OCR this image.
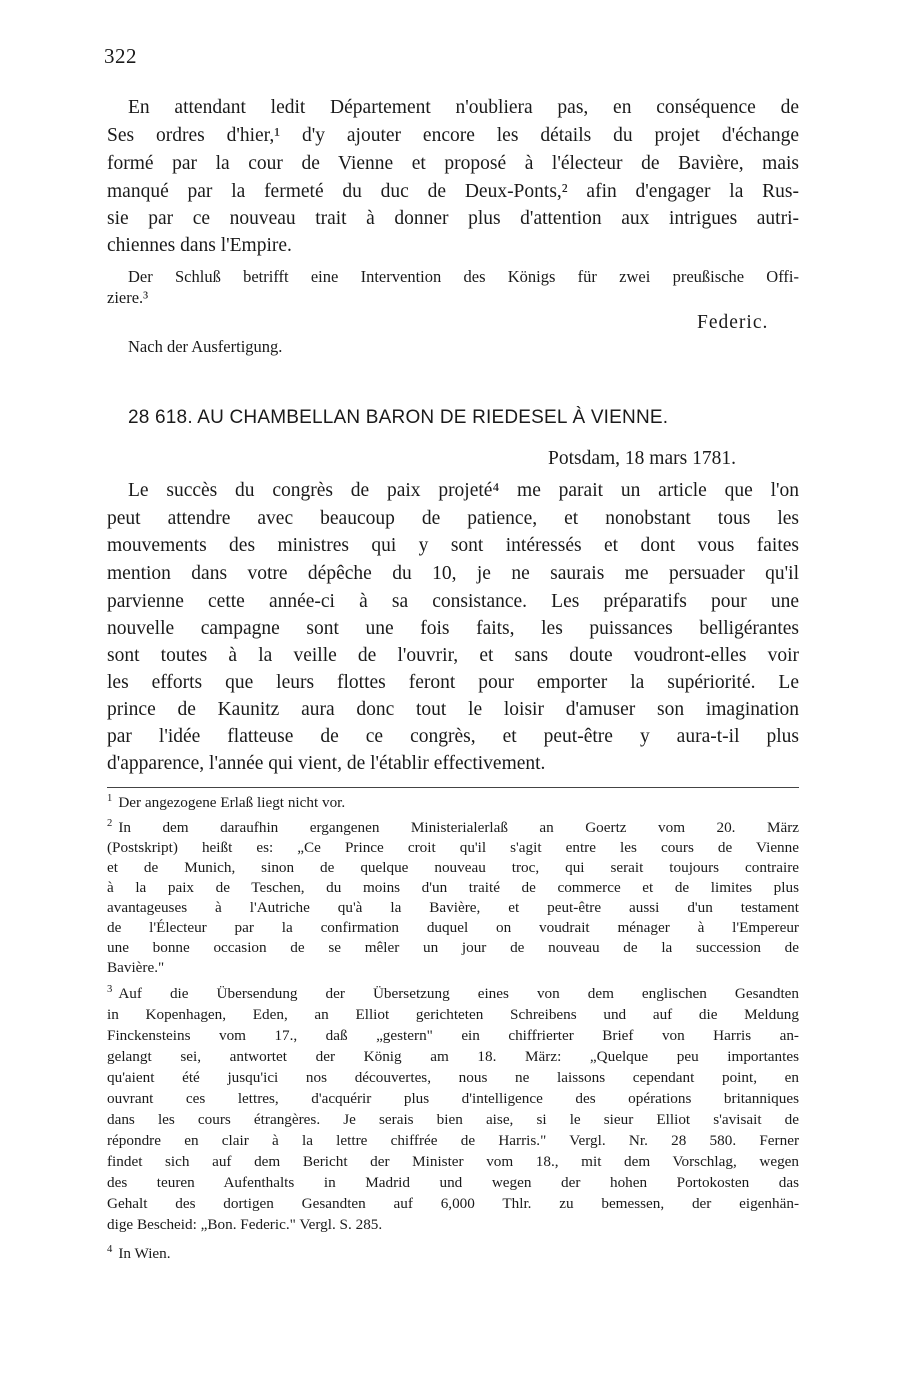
322
En attendant ledit Département n'oubliera pas, en conséquence de
Ses ordres d'hier,¹ d'y ajouter encore les détails du projet d'échange
formé par la cour de Vienne et proposé à l'électeur de Bavière, mais
manqué par la fermeté du duc de Deux-Ponts,² afin d'engager la Rus-
sie par ce nouveau trait à donner plus d'attention aux intrigues autri-
chiennes dans l'Empire.
Der Schluß betrifft eine Intervention des Königs für zwei preußische Offi-
ziere.³
Federic.
Nach der Ausfertigung.
28 618. AU CHAMBELLAN BARON DE RIEDESEL À VIENNE.
Potsdam, 18 mars 1781.
Le succès du congrès de paix projeté⁴ me parait un article que l'on
peut attendre avec beaucoup de patience, et nonobstant tous les
mouvements des ministres qui y sont intéressés et dont vous faites
mention dans votre dépêche du 10, je ne saurais me persuader qu'il
parvienne cette année-ci à sa consistance. Les préparatifs pour une
nouvelle campagne sont une fois faits, les puissances belligérantes
sont toutes à la veille de l'ouvrir, et sans doute voudront-elles voir
les efforts que leurs flottes feront pour emporter la supériorité. Le
prince de Kaunitz aura donc tout le loisir d'amuser son imagination
par l'idée flatteuse de ce congrès, et peut-être y aura-t-il plus
d'apparence, l'année qui vient, de l'établir effectivement.
$^1$ Der angezogene Erlaß liegt nicht vor.
$^2$ In dem daraufhin ergangenen Ministerialerlaß an Goertz vom 20. März
(Postskript) heißt es: „Ce Prince croit qu'il s'agit entre les cours de Vienne
et de Munich, sinon de quelque nouveau troc, qui serait toujours contraire
à la paix de Teschen, du moins d'un traité de commerce et de limites plus
avantageuses à l'Autriche qu'à la Bavière, et peut-être aussi d'un testament
de l'Électeur par la confirmation duquel on voudrait ménager à l'Empereur
une bonne occasion de se mêler un jour de nouveau de la succession de
Bavière."
$^3$ Auf die Übersendung der Übersetzung eines von dem englischen Gesandten
in Kopenhagen, Eden, an Elliot gerichteten Schreibens und auf die Meldung
Finckensteins vom 17., daß „gestern" ein chiffrierter Brief von Harris an-
gelangt sei, antwortet der König am 18. März: „Quelque peu importantes
qu'aient été jusqu'ici nos découvertes, nous ne laissons cependant point, en
ouvrant ces lettres, d'acquérir plus d'intelligence des opérations britanniques
dans les cours étrangères. Je serais bien aise, si le sieur Elliot s'avisait de
répondre en clair à la lettre chiffrée de Harris." Vergl. Nr. 28 580. Ferner
findet sich auf dem Bericht der Minister vom 18., mit dem Vorschlag, wegen
des teuren Aufenthalts in Madrid und wegen der hohen Portokosten das
Gehalt des dortigen Gesandten auf 6,000 Thlr. zu bemessen, der eigenhän-
dige Bescheid: „Bon. Federic." Vergl. S. 285.
$^4$ In Wien.
